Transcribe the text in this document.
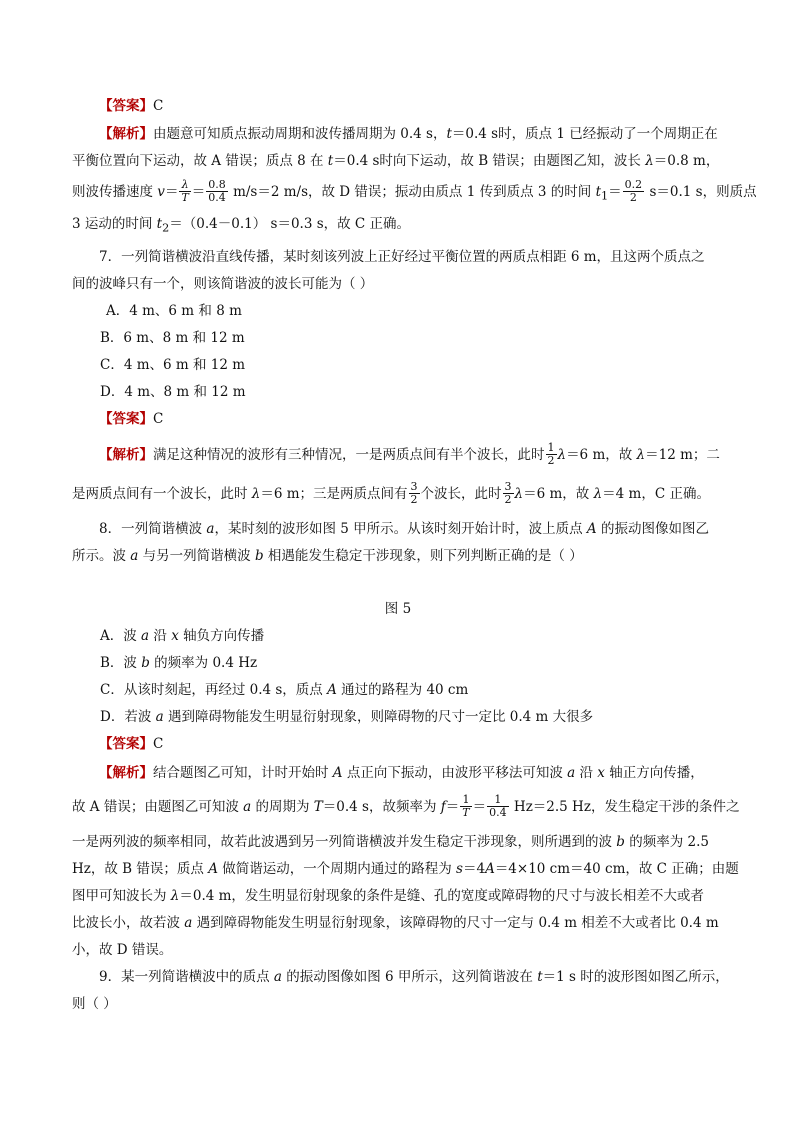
【答案】C
【解析】由题意可知质点振动周期和波传播周期为 0.4 s，t＝0.4 s时，质点 1 已经振动了一个周期正在
平衡位置向下运动，故 A 错误；质点 8 在 t＝0.4 s时向下运动，故 B 错误；由题图乙知，波长 λ＝0.8 m，
则波传播速度 $v= \frac{\lambda}{T} = \frac{0.8}{0.4} m/s=2$ m/s，故 D 错误；振动由质点 1 传到质点 3 的时间 $t_1= \frac{0.2}{2} s=0.1$ s，则质点
3 运动的时间 $t_2=(0.4-0.1)$ s＝0.3 s，故 C 正确。
7．一列简谐横波沿直线传播，某时刻该列波上正好经过平衡位置的两质点相距 6 m，且这两个质点之
间的波峰只有一个，则该简谐波的波长可能为（ ）
A．4 m、6 m 和 8 m
B．6 m、8 m 和 12 m
C．4 m、6 m 和 12 m
D．4 m、8 m 和 12 m
【答案】C
【解析】满足这种情况的波形有三种情况，一是两质点间有半个波长，此时 $\frac{1}{2} \lambda=6$ m，故 λ＝12 m；二
是两质点间有一个波长，此时 λ＝6 m；三是两质点间有 $\frac{3}{2}$ 个波长，此时 $\frac{3}{2} \lambda=6$ m，故 λ＝4 m，C 正确。
8．一列简谐横波 a，某时刻的波形如图 5 甲所示。从该时刻开始计时，波上质点 A 的振动图像如图乙
所示。波 a 与另一列简谐横波 b 相遇能发生稳定干涉现象，则下列判断正确的是（ ）
图 5
A．波 a 沿 x 轴负方向传播
B．波 b 的频率为 0.4 Hz
C．从该时刻起，再经过 0.4 s，质点 A 通过的路程为 40 cm
D．若波 a 遇到障碍物能发生明显衍射现象，则障碍物的尺寸一定比 0.4 m 大很多
【答案】C
【解析】结合题图乙可知，计时开始时 A 点正向下振动，由波形平移法可知波 a 沿 x 轴正方向传播，
故 A 错误；由题图乙可知波 a 的周期为 T＝0.4 s，故频率为 $f= \frac{1}{T} = \frac{1}{0.4} Hz=2.5$ Hz，发生稳定干涉的条件之
一是两列波的频率相同，故若此波遇到另一列简谐横波并发生稳定干涉现象，则所遇到的波 b 的频率为 2.5
Hz，故 B 错误；质点 A 做简谐运动，一个周期内通过的路程为 s＝4A＝4×10 cm＝40 cm，故 C 正确；由题
图甲可知波长为 λ＝0.4 m，发生明显衍射现象的条件是缝、孔的宽度或障碍物的尺寸与波长相差不大或者
比波长小，故若波 a 遇到障碍物能发生明显衍射现象，该障碍物的尺寸一定与 0.4 m 相差不大或者比 0.4 m
小，故 D 错误。
9．某一列简谐横波中的质点 a 的振动图像如图 6 甲所示，这列简谐波在 t＝1 s 时的波形图如图乙所示，
则（ ）
